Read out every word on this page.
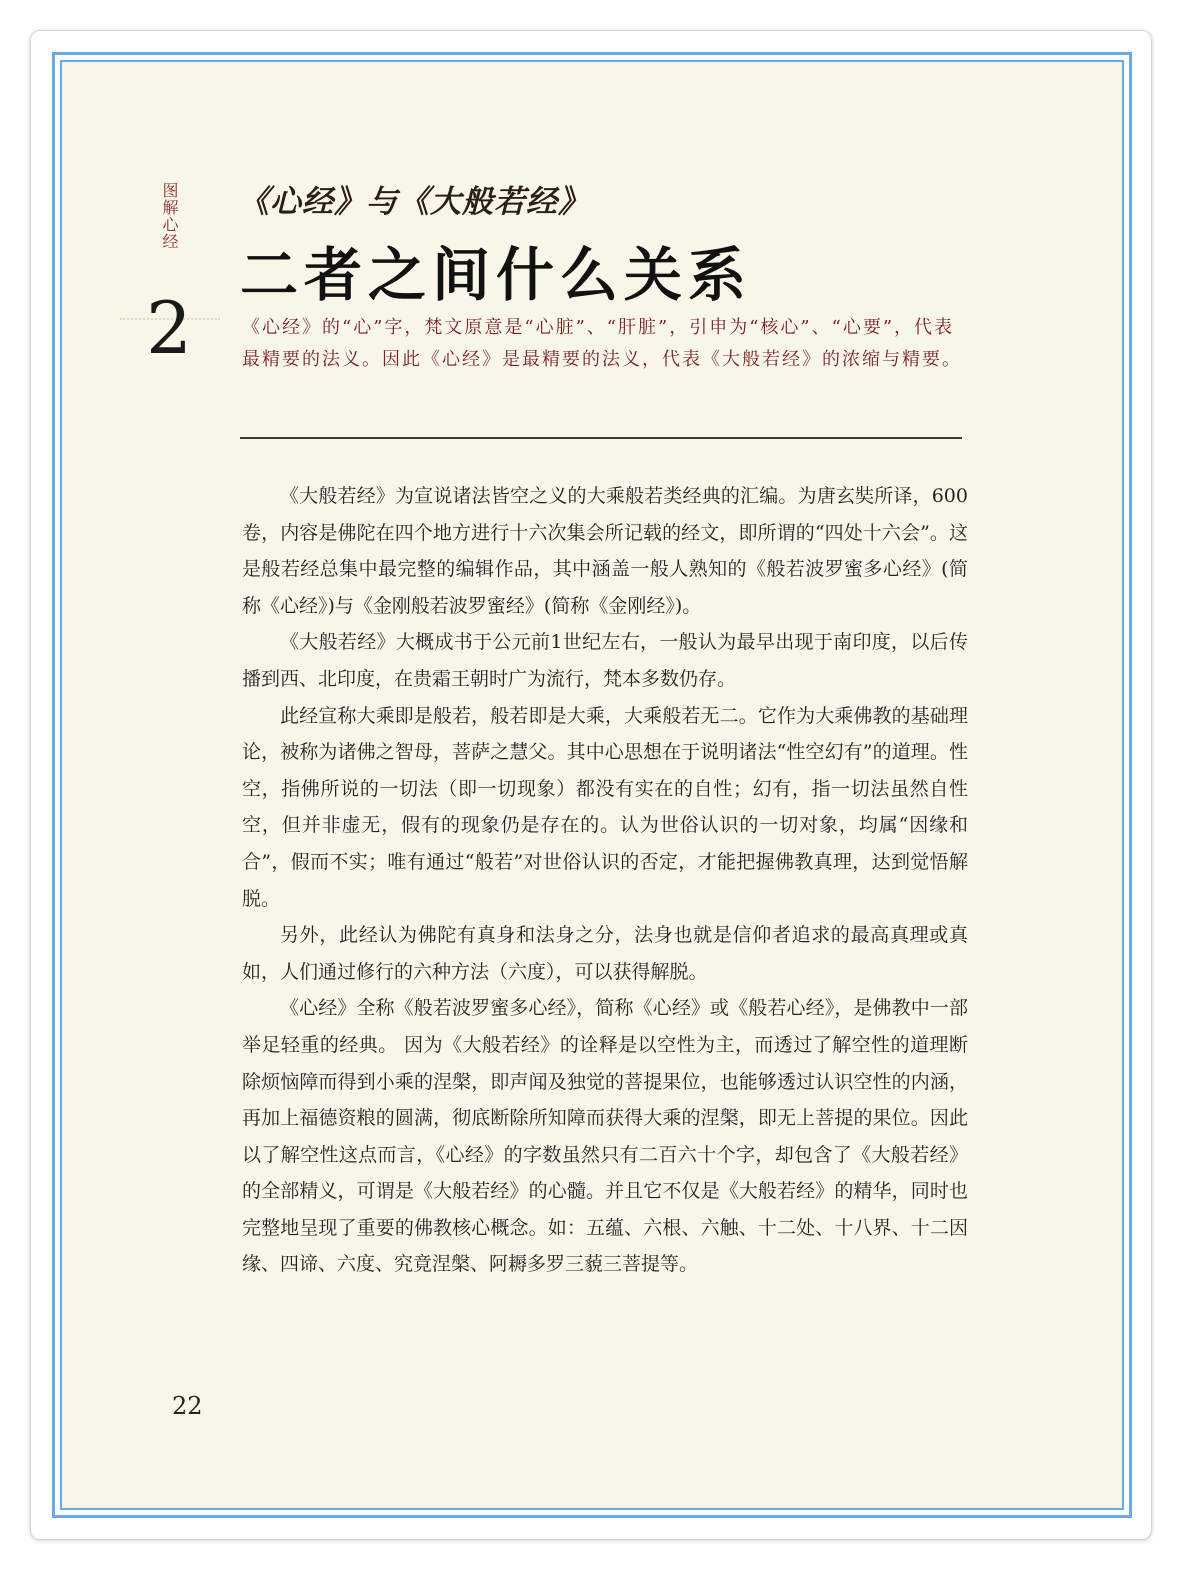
图解心经
2
《心经》与《大般若经》
二者之间什么关系
《心经》的“心”字，梵文原意是“心脏”、“肝脏”，引申为“核心”、“心要”，代表最精要的法义。因此《心经》是最精要的法义，代表《大般若经》的浓缩与精要。

《大般若经》为宣说诸法皆空之义的大乘般若类经典的汇编。为唐玄奘所译，600卷，内容是佛陀在四个地方进行十六次集会所记载的经文，即所谓的“四处十六会”。这是般若经总集中最完整的编辑作品，其中涵盖一般人熟知的《般若波罗蜜多心经》(简称《心经》)与《金刚般若波罗蜜经》(简称《金刚经》)。

《大般若经》大概成书于公元前1世纪左右，一般认为最早出现于南印度，以后传播到西、北印度，在贵霜王朝时广为流行，梵本多数仍存。

此经宣称大乘即是般若，般若即是大乘，大乘般若无二。它作为大乘佛教的基础理论，被称为诸佛之智母，菩萨之慧父。其中心思想在于说明诸法“性空幻有”的道理。性空，指佛所说的一切法（即一切现象）都没有实在的自性；幻有，指一切法虽然自性空，但并非虚无，假有的现象仍是存在的。认为世俗认识的一切对象，均属“因缘和合”，假而不实；唯有通过“般若”对世俗认识的否定，才能把握佛教真理，达到觉悟解脱。

另外，此经认为佛陀有真身和法身之分，法身也就是信仰者追求的最高真理或真如，人们通过修行的六种方法（六度），可以获得解脱。

《心经》全称《般若波罗蜜多心经》，简称《心经》或《般若心经》，是佛教中一部举足轻重的经典。 因为《大般若经》的诠释是以空性为主，而透过了解空性的道理断除烦恼障而得到小乘的涅槃，即声闻及独觉的菩提果位，也能够透过认识空性的内涵，再加上福德资粮的圆满，彻底断除所知障而获得大乘的涅槃，即无上菩提的果位。因此以了解空性这点而言，《心经》的字数虽然只有二百六十个字，却包含了《大般若经》的全部精义，可谓是《大般若经》的心髓。并且它不仅是《大般若经》的精华，同时也完整地呈现了重要的佛教核心概念。如：五蕴、六根、六触、十二处、十八界、十二因缘、四谛、六度、究竟涅槃、阿耨多罗三藐三菩提等。

22
